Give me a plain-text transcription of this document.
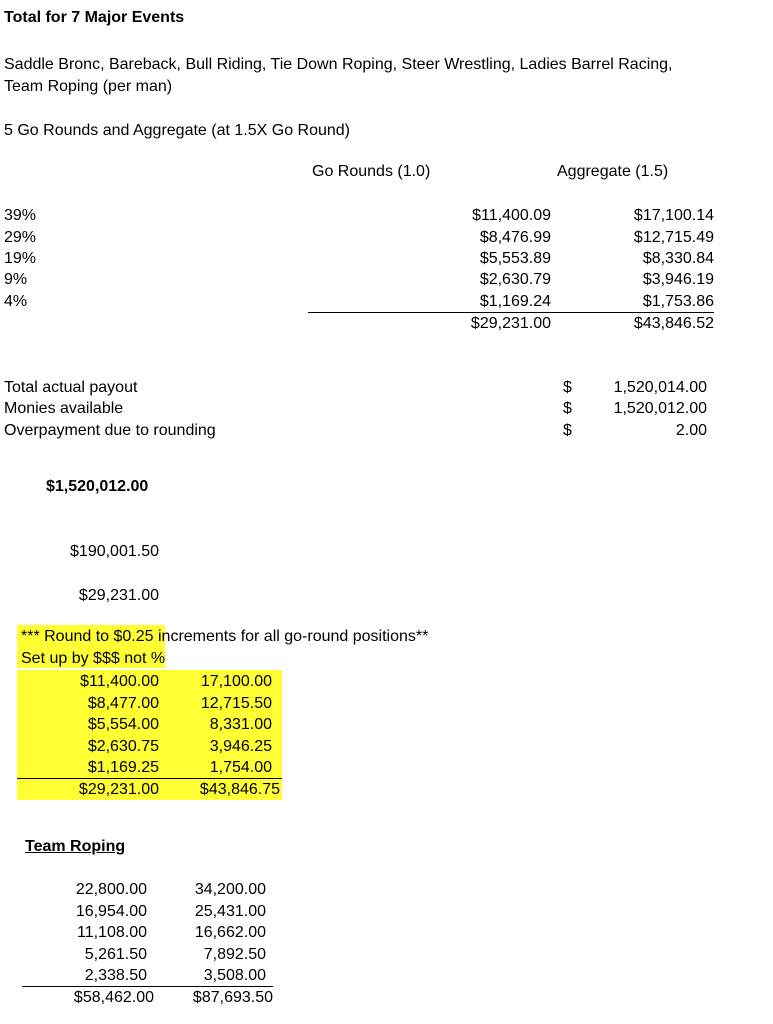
Total for 7 Major Events
Saddle Bronc, Bareback, Bull Riding, Tie Down Roping, Steer Wrestling, Ladies Barrel Racing,
Team Roping (per man)
5 Go Rounds and Aggregate (at 1.5X Go Round)
Go Rounds (1.0)	Aggregate (1.5)
39%	$11,400.09	$17,100.14
29%	$8,476.99	$12,715.49
19%	$5,553.89	$8,330.84
9%	$2,630.79	$3,946.19
4%	$1,169.24	$1,753.86
$29,231.00	$43,846.52
Total actual payout	$	1,520,014.00
Monies available	$	1,520,012.00
Overpayment due to rounding	$	2.00
$1,520,012.00
$190,001.50
$29,231.00
*** Round to $0.25 increments for all go-round positions**
Set up by $$$ not %
$11,400.00	17,100.00
$8,477.00	12,715.50
$5,554.00	8,331.00
$2,630.75	3,946.25
$1,169.25	1,754.00
$29,231.00	$43,846.75
Team Roping
22,800.00	34,200.00
16,954.00	25,431.00
11,108.00	16,662.00
5,261.50	7,892.50
2,338.50	3,508.00
$58,462.00 $87,693.50
